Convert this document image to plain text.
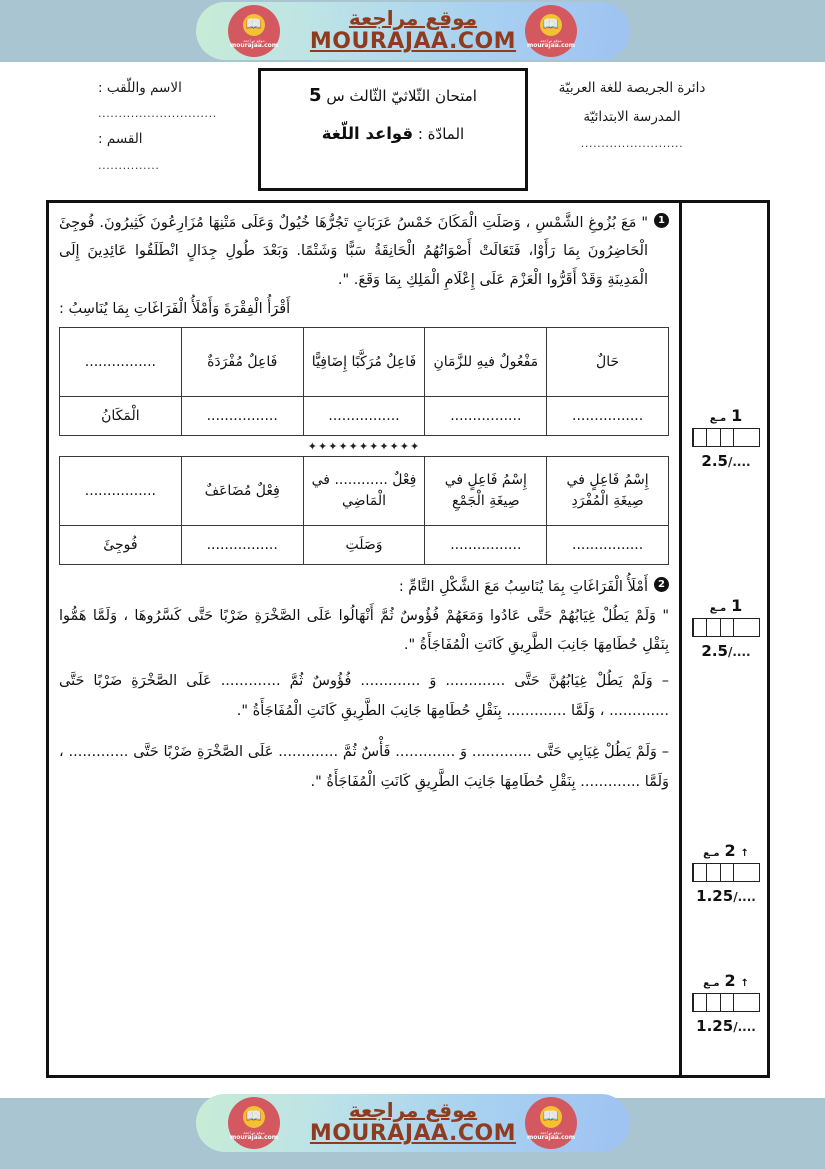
موقع مراجعة
MOURAJAA.COM
📖
موقع مراجعة
mourajaa.com
📖
موقع مراجعة
mourajaa.com
دائرة الجريصة للغة العربيّة
المدرسة الابتدائيّة
.........................
امتحان الثّلاثيّ الثّالث س 5
المادّة : قواعد اللّغة
الاسم واللّقب :
.............................
القسم :
...............
1
" مَعَ بُزُوغِ الشَّمْسِ ، وَصَلَتِ الْمَكَانَ خَمْسُ عَرَبَاتٍ تَجُرُّهَا خُيُولٌ وَعَلَى مَتْنِهَا مُزَارِعُونَ كَثِيرُونَ. فُوجِئَ الْحَاضِرُونَ بِمَا رَأَوْا، فَتَعَالَتْ أَصْوَاتُهُمُ الْحَانِقَةُ سَبًّا وَشَتْمًا. وَبَعْدَ طُولِ جِدَالٍ انْطَلَقُوا عَائِدِينَ إِلَى الْمَدِينَةِ وَقَدْ أَقَرُّوا الْعَزْمَ عَلَى إِعْلَامِ الْمَلِكِ بِمَا وَقَعَ. ".
أَقْرَأُ الْفِقْرَةَ وَأَمْلَأُ الْفَرَاغَاتِ بِمَا يُنَاسِبُ :
حَالٌ	مَفْعُولٌ فيهِ للزَّمَانِ	فَاعِلٌ مُرَكَّبًا إِضَافِيًّا	فَاعِلٌ مُفْرَدَةٌ	................
................	................	................	................	الْمَكَانُ
✦✦✦✦✦✦✦✦✦✦✦
إِسْمُ فَاعِلٍ في صِيغَةِ الْمُفْرَدِ	إِسْمُ فَاعِلٍ في صِيغَةِ الْجَمْعِ	فِعْلٌ ............ في الْمَاضِي	فِعْلٌ مُضَاعَفٌ	................
................	................	وَصَلَتِ	................	فُوجِئَ
2
أَمْلَأُ الْفَرَاغَاتِ بِمَا يُنَاسِبُ مَعَ الشَّكْلِ التَّامِّ :
" وَلَمْ يَطُلْ غِيَابُهُمْ حَتَّى عَادُوا وَمَعَهُمْ فُؤُوسٌ ثُمَّ أَنْهَالُوا عَلَى الصَّخْرَةِ ضَرْبًا حَتَّى كَسَّرُوهَا ، وَلَمَّا هَمُّوا بِنَقْلِ حُطَامِهَا جَانِبَ الطَّرِيقِ كَانَتِ الْمُفَاجَأَةُ ".
– وَلَمْ يَطُلْ غِيَابُهُنَّ حَتَّى ............. وَ ............. فُؤُوسٌ ثُمَّ ............. عَلَى الصَّخْرَةِ ضَرْبًا حَتَّى ............. ، وَلَمَّا ............. بِنَقْلِ حُطَامِهَا جَانِبَ الطَّرِيقِ كَانَتِ الْمُفَاجَأَةُ ".
– وَلَمْ يَطُلْ غِيَابِي حَتَّى ............. وَ ............. فَأْسٌ ثُمَّ ............. عَلَى الصَّخْرَةِ ضَرْبًا حَتَّى ............. ، وَلَمَّا ............. بِنَقْلِ حُطَامِهَا جَانِبَ الطَّرِيقِ كَانَتِ الْمُفَاجَأَةُ ".
1 مـع
2.5/....
1 مـع
2.5/....
↑ 2 مـع
1.25/....
↑ 2 مـع
1.25/....
موقع مراجعة
MOURAJAA.COM
📖
موقع مراجعة
mourajaa.com
📖
موقع مراجعة
mourajaa.com
